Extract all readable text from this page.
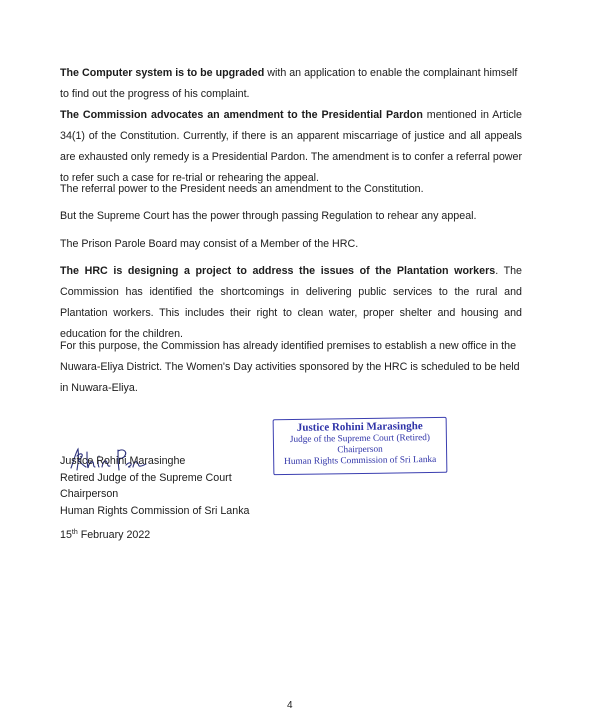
The Computer system is to be upgraded with an application to enable the complainant himself to find out the progress of his complaint.

The Commission advocates an amendment to the Presidential Pardon mentioned in Article 34(1) of the Constitution. Currently, if there is an apparent miscarriage of justice and all appeals are exhausted only remedy is a Presidential Pardon. The amendment is to confer a referral power to refer such a case for re-trial or rehearing the appeal.

The referral power to the President needs an amendment to the Constitution.

But the Supreme Court has the power through passing Regulation to rehear any appeal.

The Prison Parole Board may consist of a Member of the HRC.

The HRC is designing a project to address the issues of the Plantation workers. The Commission has identified the shortcomings in delivering public services to the rural and Plantation workers. This includes their right to clean water, proper shelter and housing and education for the children.

For this purpose, the Commission has already identified premises to establish a new office in the Nuwara-Eliya District. The Women's Day activities sponsored by the HRC is scheduled to be held in Nuwara-Eliya.

Justice Rohini Marasinghe
Retired Judge of the Supreme Court
Chairperson
Human Rights Commission of Sri Lanka
15th February 2022
Justice Rohini Marasinghe
Judge of the Supreme Court (Retired)
Chairperson
Human Rights Commission of Sri Lanka
4
